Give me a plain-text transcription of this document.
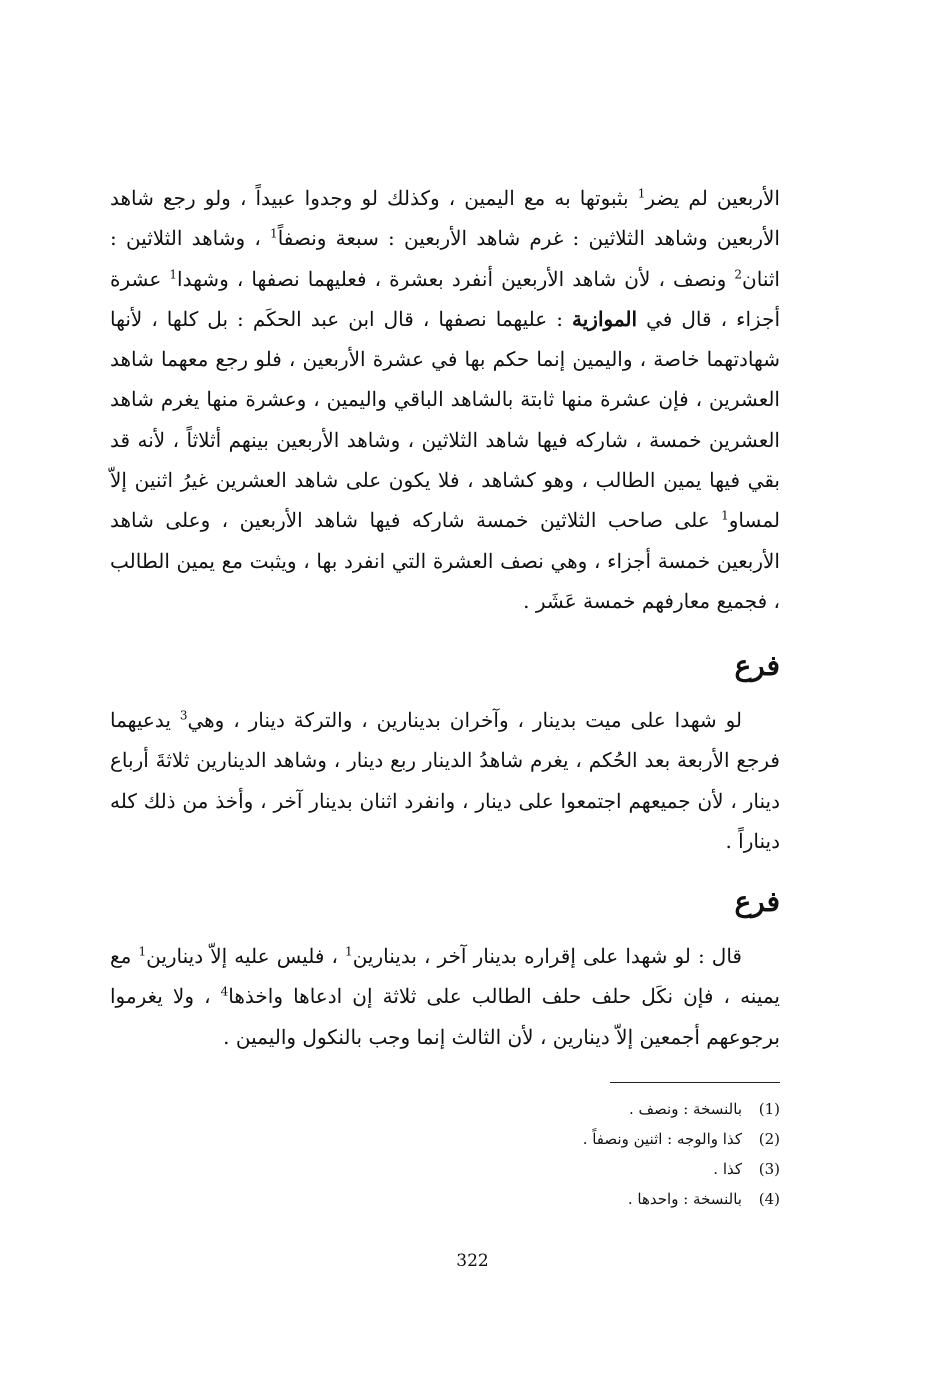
الأربعين لم يضر$^1$ بثبوتها به مع اليمين ، وكذلك لو وجدوا عبيداً ، ولو رجع شاهد الأربعين وشاهد الثلاثين : غرم شاهد الأربعين : سبعة ونصفاً$^1$ ، وشاهد الثلاثين : اثنان$^2$ ونصف ، لأن شاهد الأربعين أنفرد بعشرة ، فعليهما نصفها ، وشهدا$^1$ عشرة أجزاء ، قال في الموازية : عليهما نصفها ، قال ابن عبد الحكَم : بل كلها ، لأنها شهادتهما خاصة ، واليمين إنما حكم بها في عشرة الأربعين ، فلو رجع معهما شاهد العشرين ، فإن عشرة منها ثابتة بالشاهد الباقي واليمين ، وعشرة منها يغرم شاهد العشرين خمسة ، شاركه فيها شاهد الثلاثين ، وشاهد الأربعين بينهم أثلاثاً ، لأنه قد بقي فيها يمين الطالب ، وهو كشاهد ، فلا يكون على شاهد العشرين غيرُ اثنين إلاّ لمساو$^1$ على صاحب الثلاثين خمسة شاركه فيها شاهد الأربعين ، وعلى شاهد الأربعين خمسة أجزاء ، وهي نصف العشرة التي انفرد بها ، ويثبت مع يمين الطالب ، فجميع معارفهم خمسة عَشَر .

فرع

لو شهدا على ميت بدينار ، وآخران بدينارين ، والتركة دينار ، وهي$^3$ يدعيهما فرجع الأربعة بعد الحُكم ، يغرم شاهدُ الدينار ربع دينار ، وشاهد الدينارين ثلاثةَ أرباع دينار ، لأن جميعهم اجتمعوا على دينار ، وانفرد اثنان بدينار آخر ، وأخذ من ذلك كله ديناراً .

فرع

قال : لو شهدا على إقراره بدينار آخر ، بدينارين$^1$ ، فليس عليه إلاّ دينارين$^1$ مع يمينه ، فإن نكَل حلف حلف الطالب على ثلاثة إن ادعاها واخذها$^4$ ، ولا يغرموا برجوعهم أجمعين إلاّ دينارين ، لأن الثالث إنما وجب بالنكول واليمين .

(1)بالنسخة : ونصف .
(2)كذا والوجه : اثنين ونصفاً .
(3)كذا .
(4)بالنسخة : واحدها .
322
